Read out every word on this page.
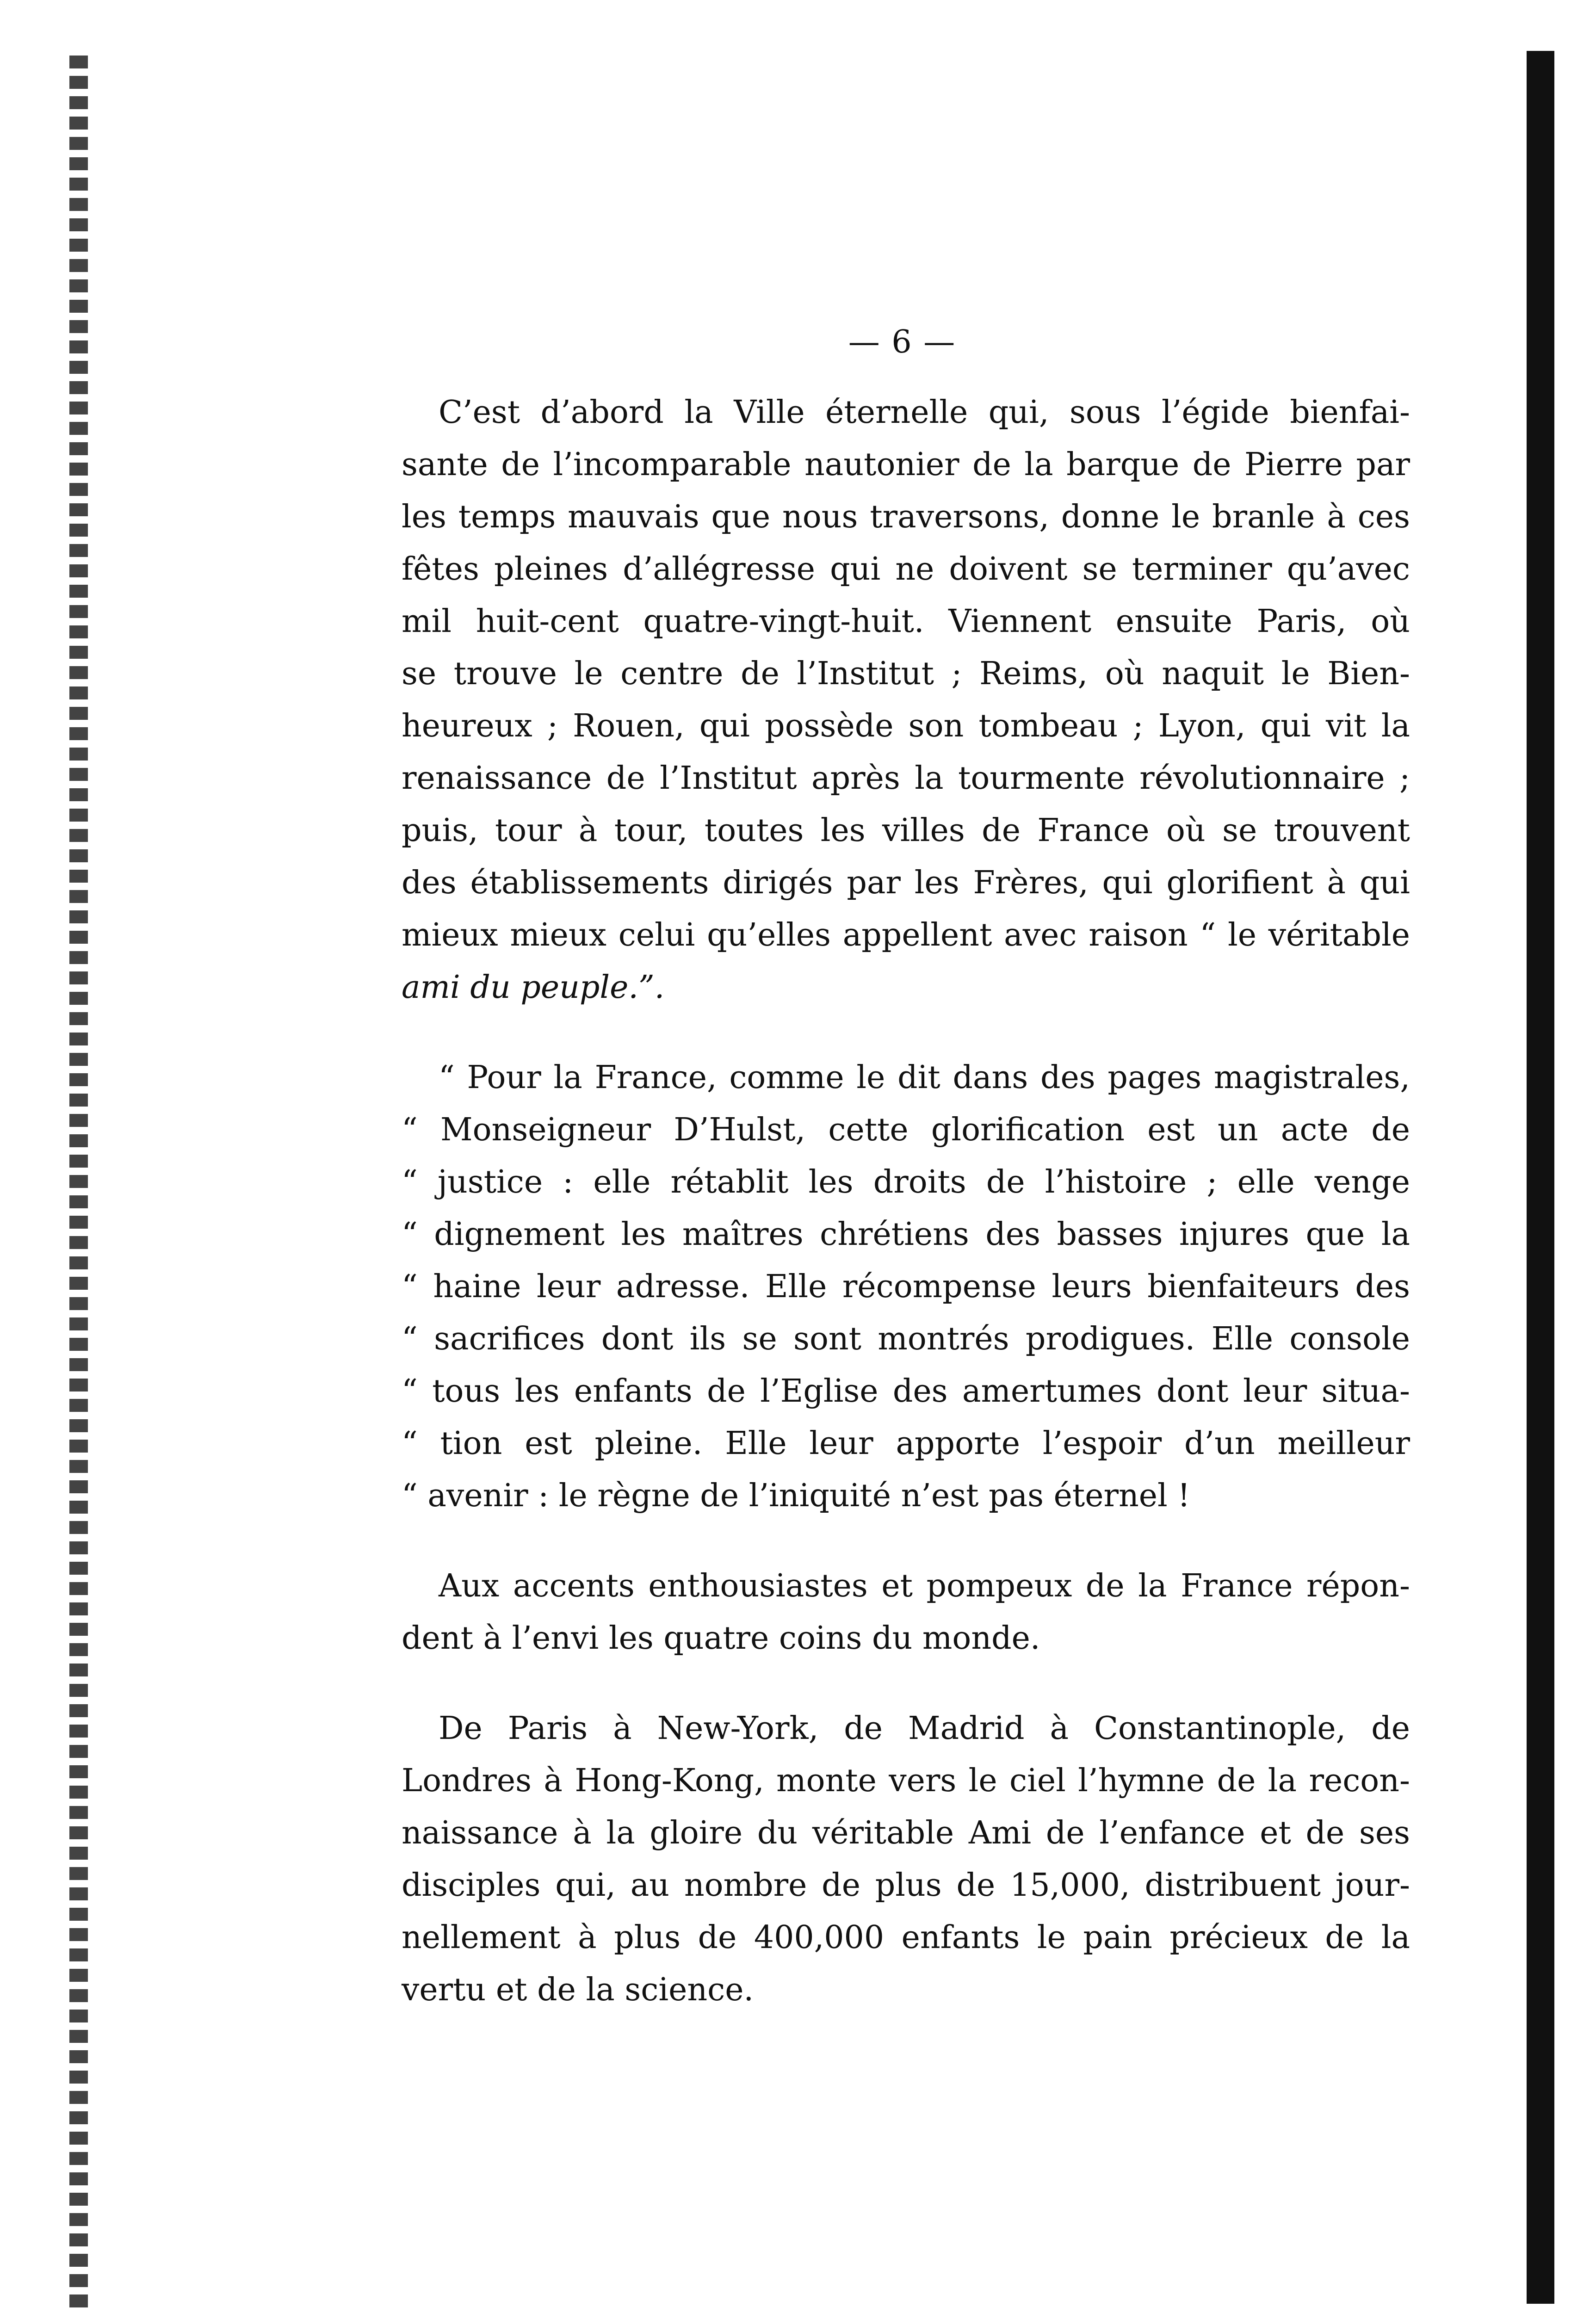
— 6 —
C’est d’abord la Ville éternelle qui, sous l’égide bienfai-
sante de l’incomparable nautonier de la barque de Pierre par
les temps mauvais que nous traversons, donne le branle à ces
fêtes pleines d’allégresse qui ne doivent se terminer qu’avec
mil huit-cent quatre-vingt-huit. Viennent ensuite Paris, où
se trouve le centre de l’Institut ; Reims, où naquit le Bien-
heureux ; Rouen, qui possède son tombeau ; Lyon, qui vit la
renaissance de l’Institut après la tourmente révolutionnaire ;
puis, tour à tour, toutes les villes de France où se trouvent
des établissements dirigés par les Frères, qui glorifient à qui
mieux mieux celui qu’elles appellent avec raison “ le véritable
ami du peuple.”.
“ Pour la France, comme le dit dans des pages magistrales,
“ Monseigneur D’Hulst, cette glorification est un acte de
“ justice : elle rétablit les droits de l’histoire ; elle venge
“ dignement les maîtres chrétiens des basses injures que la
“ haine leur adresse. Elle récompense leurs bienfaiteurs des
“ sacrifices dont ils se sont montrés prodigues. Elle console
“ tous les enfants de l’Eglise des amertumes dont leur situa-
“ tion est pleine. Elle leur apporte l’espoir d’un meilleur
“ avenir : le règne de l’iniquité n’est pas éternel !
Aux accents enthousiastes et pompeux de la France répon-
dent à l’envi les quatre coins du monde.
De Paris à New-York, de Madrid à Constantinople, de
Londres à Hong-Kong, monte vers le ciel l’hymne de la recon-
naissance à la gloire du véritable Ami de l’enfance et de ses
disciples qui, au nombre de plus de 15,000, distribuent jour-
nellement à plus de 400,000 enfants le pain précieux de la
vertu et de la science.
